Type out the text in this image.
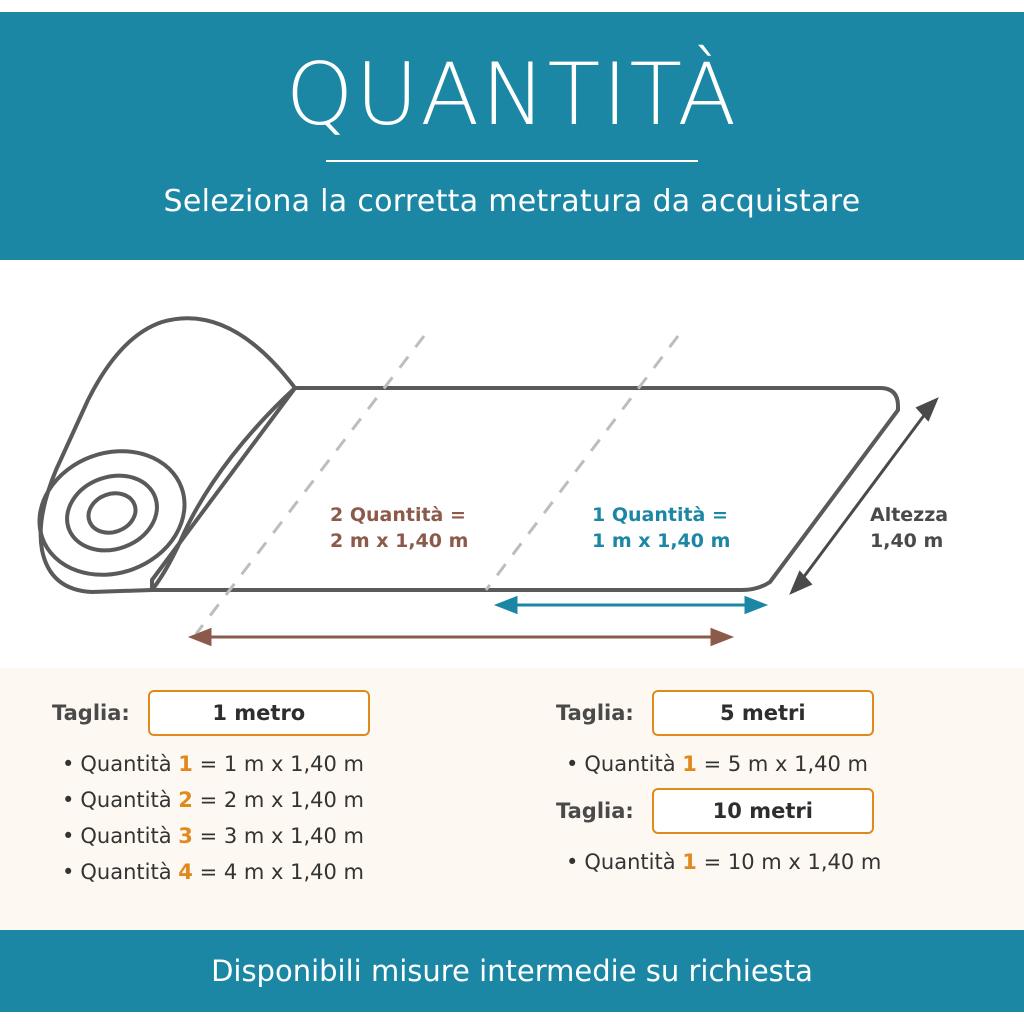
QUANTITÀ
Seleziona la corretta metratura da acquistare
2 Quantità =
2 m x 1,40 m
1 Quantità =
1 m x 1,40 m
Altezza
1,40 m
Taglia:	1 metro
• Quantità 1 = 1 m x 1,40 m
• Quantità 2 = 2 m x 1,40 m
• Quantità 3 = 3 m x 1,40 m
• Quantità 4 = 4 m x 1,40 m
Taglia:	5 metri
• Quantità 1 = 5 m x 1,40 m
Taglia:	10 metri
• Quantità 1 = 10 m x 1,40 m
Disponibili misure intermedie su richiesta
